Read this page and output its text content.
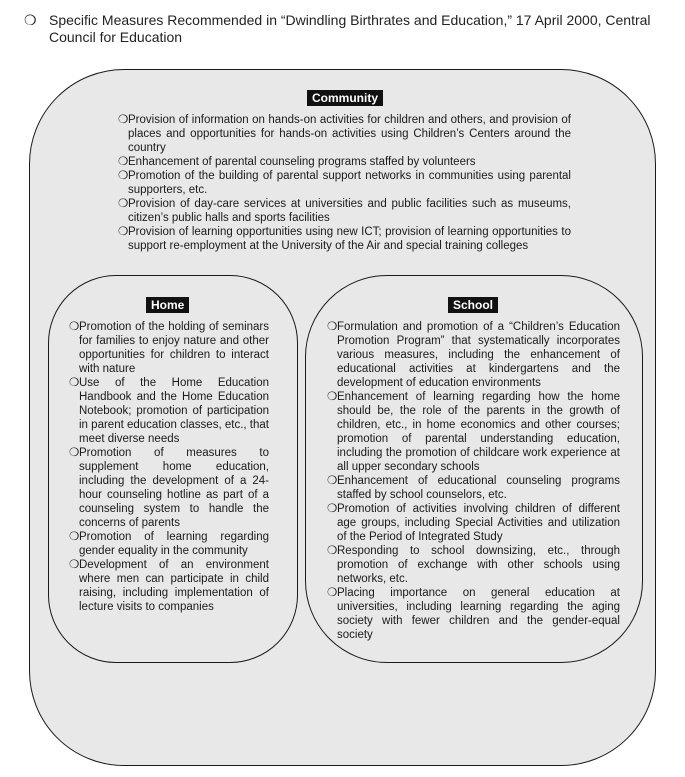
❍ Specific Measures Recommended in “Dwindling Birthrates and Education,” 17 April 2000, Central Council for Education
Community
❍ Provision of information on hands-on activities for children and others, and provision of places and opportunities for hands-on activities using Children’s Centers around the country
❍ Enhancement of parental counseling programs staffed by volunteers
❍ Promotion of the building of parental support networks in communities using parental supporters, etc.
❍ Provision of day-care services at universities and public facilities such as museums, citizen’s public halls and sports facilities
❍ Provision of learning opportunities using new ICT; provision of learning opportunities to support re-employment at the University of the Air and special training colleges
Home
❍ Promotion of the holding of seminars for families to enjoy nature and other opportunities for children to interact with nature
❍ Use of the Home Education Handbook and the Home Education Notebook; promotion of participation in parent education classes, etc., that meet diverse needs
❍ Promotion of measures to supplement home education, including the development of a 24-hour counseling hotline as part of a counseling system to handle the concerns of parents
❍ Promotion of learning regarding gender equality in the community
❍ Development of an environment where men can participate in child raising, including implementation of lecture visits to companies
School
❍ Formulation and promotion of a “Children’s Education Promotion Program” that systematically incorporates various measures, including the enhancement of educational activities at kindergartens and the development of education environments
❍ Enhancement of learning regarding how the home should be, the role of the parents in the growth of children, etc., in home economics and other courses; promotion of parental understanding education, including the promotion of childcare work experience at all upper secondary schools
❍ Enhancement of educational counseling programs staffed by school counselors, etc.
❍ Promotion of activities involving children of different age groups, including Special Activities and utilization of the Period of Integrated Study
❍ Responding to school downsizing, etc., through promotion of exchange with other schools using networks, etc.
❍ Placing importance on general education at universities, including learning regarding the aging society with fewer children and the gender-equal society
